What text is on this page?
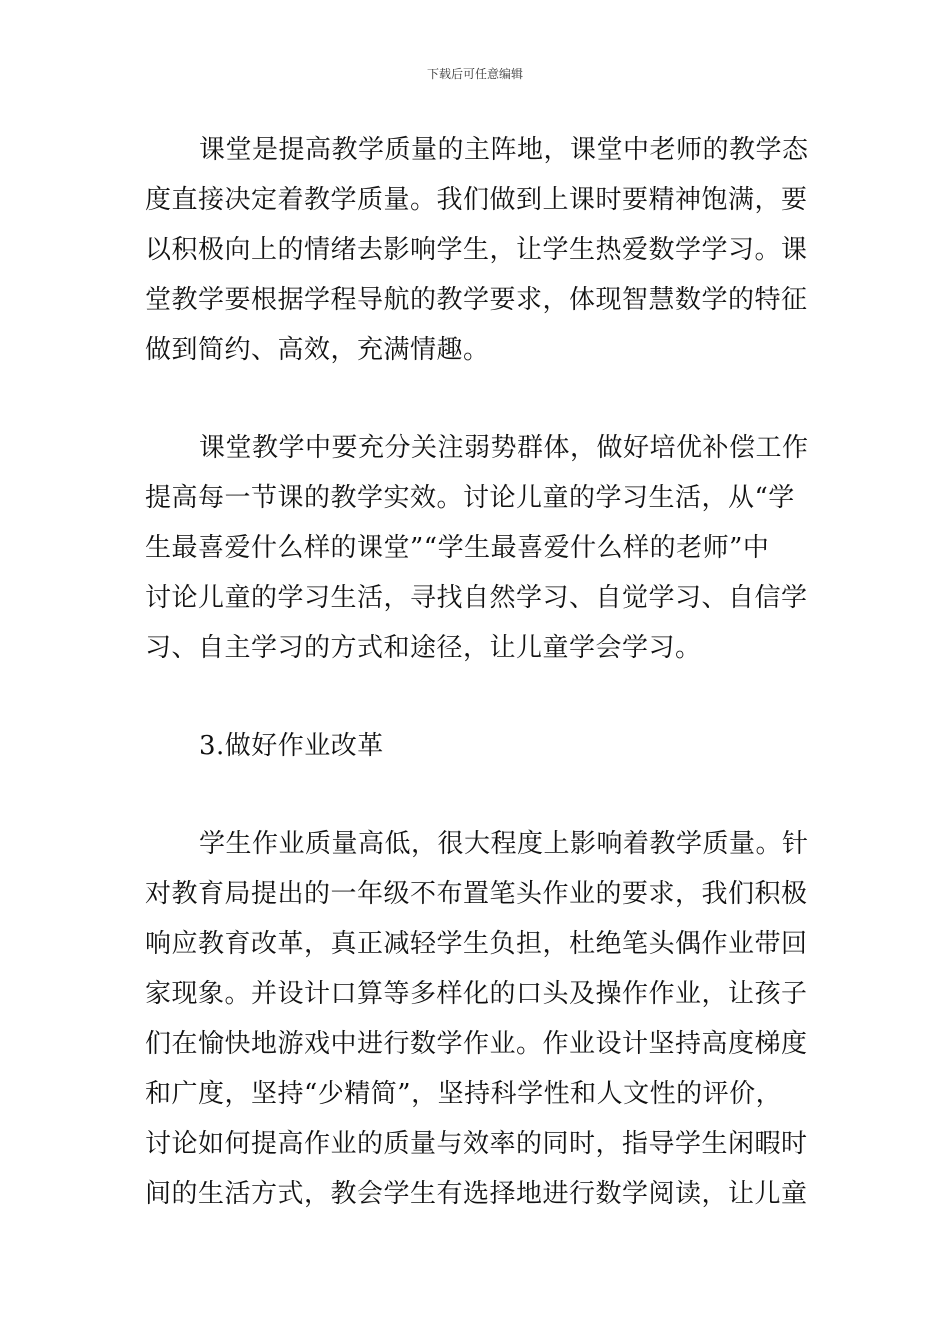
下载后可任意编辑
课堂是提高教学质量的主阵地，课堂中老师的教学态
度直接决定着教学质量。我们做到上课时要精神饱满，要
以积极向上的情绪去影响学生，让学生热爱数学学习。课
堂教学要根据学程导航的教学要求，体现智慧数学的特征
做到简约、高效，充满情趣。
课堂教学中要充分关注弱势群体，做好培优补偿工作
提高每一节课的教学实效。讨论儿童的学习生活，从“学
生最喜爱什么样的课堂”“学生最喜爱什么样的老师”中
讨论儿童的学习生活，寻找自然学习、自觉学习、自信学
习、自主学习的方式和途径，让儿童学会学习。
3.做好作业改革
学生作业质量高低，很大程度上影响着教学质量。针
对教育局提出的一年级不布置笔头作业的要求，我们积极
响应教育改革，真正减轻学生负担，杜绝笔头偶作业带回
家现象。并设计口算等多样化的口头及操作作业，让孩子
们在愉快地游戏中进行数学作业。作业设计坚持高度梯度
和广度，坚持“少精简”，坚持科学性和人文性的评价，
讨论如何提高作业的质量与效率的同时，指导学生闲暇时
间的生活方式，教会学生有选择地进行数学阅读，让儿童
